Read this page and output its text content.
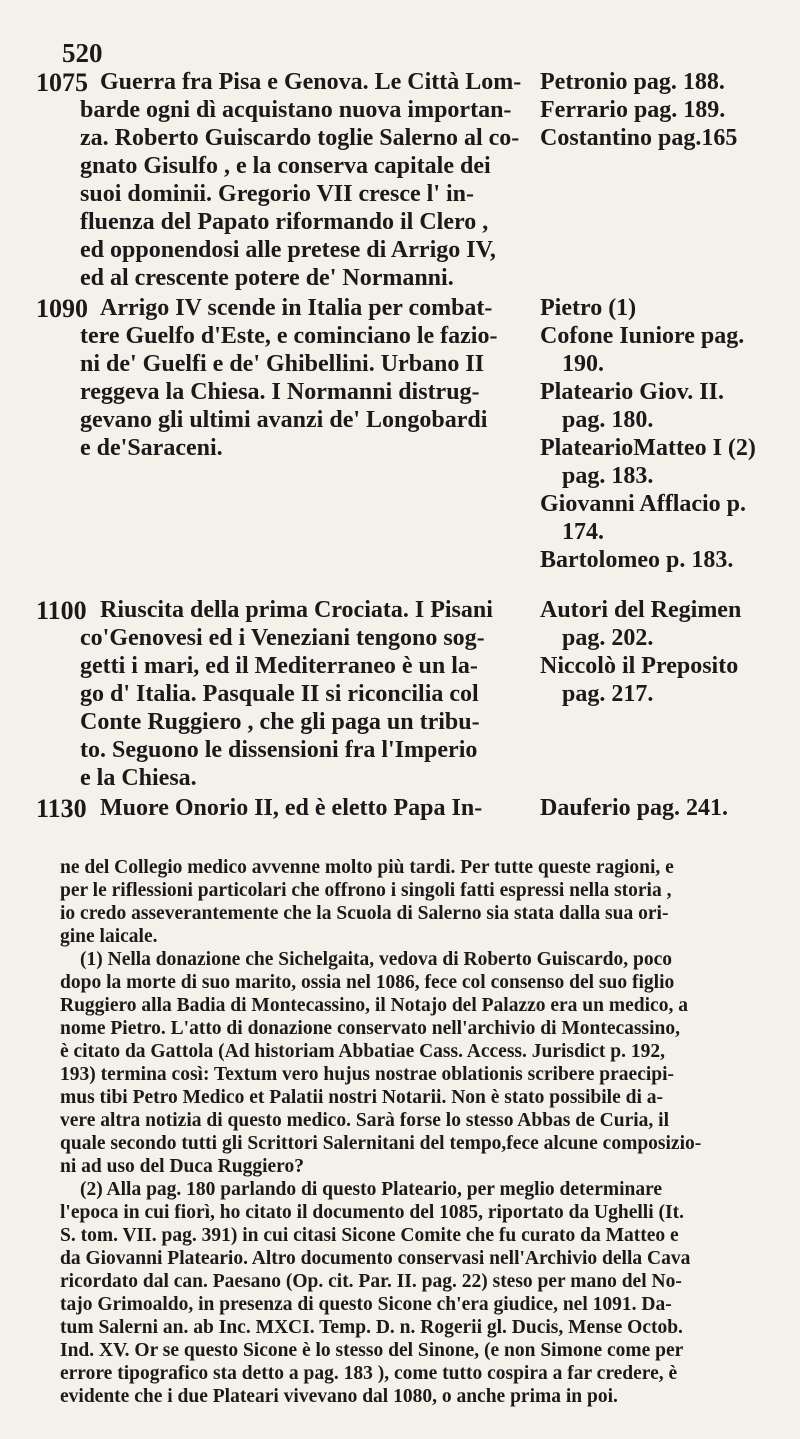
520
1075 Guerra fra Pisa e Genova. Le Città Lom-
barde ogni dì acquistano nuova importan-
za. Roberto Guiscardo toglie Salerno al co-
gnato Gisulfo , e la conserva capitale dei
suoi dominii. Gregorio VII cresce l' in-
fluenza del Papato riformando il Clero ,
ed opponendosi alle pretese di Arrigo IV,
ed al crescente potere de' Normanni.
Petronio pag. 188.
Ferrario pag. 189.
Costantino pag.165
1090 Arrigo IV scende in Italia per combat-
tere Guelfo d'Este, e cominciano le fazio-
ni de' Guelfi e de' Ghibellini. Urbano II
reggeva la Chiesa. I Normanni distrug-
gevano gli ultimi avanzi de' Longobardi
e de'Saraceni.
Pietro (1)
Cofone Iuniore pag.
190.
Plateario Giov. II.
pag. 180.
PlatearioMatteo I (2)
pag. 183.
Giovanni Afflacio p.
174.
Bartolomeo p. 183.
1100 Riuscita della prima Crociata. I Pisani
co'Genovesi ed i Veneziani tengono sog-
getti i mari, ed il Mediterraneo è un la-
go d' Italia. Pasquale II si riconcilia col
Conte Ruggiero , che gli paga un tribu-
to. Seguono le dissensioni fra l'Imperio
e la Chiesa.
Autori del Regimen
pag. 202.
Niccolò il Preposito
pag. 217.
1130 Muore Onorio II, ed è eletto Papa In- Dauferio pag. 241.
ne del Collegio medico avvenne molto più tardi. Per tutte queste ragioni, e
per le riflessioni particolari che offrono i singoli fatti espressi nella storia ,
io credo asseverantemente che la Scuola di Salerno sia stata dalla sua ori-
gine laicale.
(1) Nella donazione che Sichelgaita, vedova di Roberto Guiscardo, poco
dopo la morte di suo marito, ossia nel 1086, fece col consenso del suo figlio
Ruggiero alla Badia di Montecassino, il Notajo del Palazzo era un medico, a
nome Pietro. L'atto di donazione conservato nell'archivio di Montecassino,
è citato da Gattola (Ad historiam Abbatiae Cass. Access. Jurisdict p. 192,
193) termina così: Textum vero hujus nostrae oblationis scribere praecipi-
mus tibi Petro Medico et Palatii nostri Notarii. Non è stato possibile di a-
vere altra notizia di questo medico. Sarà forse lo stesso Abbas de Curia, il
quale secondo tutti gli Scrittori Salernitani del tempo,fece alcune composizio-
ni ad uso del Duca Ruggiero?
(2) Alla pag. 180 parlando di questo Plateario, per meglio determinare
l'epoca in cui fiorì, ho citato il documento del 1085, riportato da Ughelli (It.
S. tom. VII. pag. 391) in cui citasi Sicone Comite che fu curato da Matteo e
da Giovanni Plateario. Altro documento conservasi nell'Archivio della Cava
ricordato dal can. Paesano (Op. cit. Par. II. pag. 22) steso per mano del No-
tajo Grimoaldo, in presenza di questo Sicone ch'era giudice, nel 1091. Da-
tum Salerni an. ab Inc. MXCI. Temp. D. n. Rogerii gl. Ducis, Mense Octob.
Ind. XV. Or se questo Sicone è lo stesso del Sinone, (e non Simone come per
errore tipografico sta detto a pag. 183 ), come tutto cospira a far credere, è
evidente che i due Plateari vivevano dal 1080, o anche prima in poi.
